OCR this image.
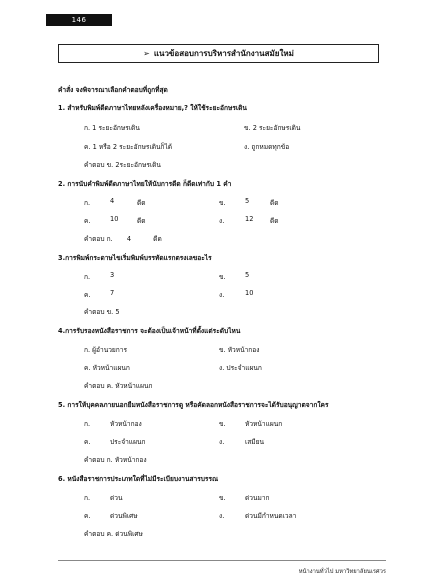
146
➢ แนวข้อสอบการบริหารสำนักงานสมัยใหม่
คำสั่ง จงพิจารณาเลือกคำตอบที่ถูกที่สุด
1. สำหรับพิมพ์ดีดภาษาไทยหลังเครื่องหมาย,? ให้ใช้ระยะอักษรเดิน
ก. 1 ระยะอักษรเดิน	ข. 2 ระยะอักษรเดิน
ค. 1 หรือ 2 ระยะอักษรเดินก็ได้	ง. ถูกหมดทุกข้อ
คำตอบ ข. 2ระยะอักษรเดิน
2. การนับคำพิมพ์ดีดภาษาไทยให้นับการดีด ก็ดีดเท่ากับ 1 คำ
ก.	4	ดีด	ข.	5	ดีด
ค.	10	ดีด	ง.	12	ดีด
คำตอบ ก. 4	ดีด
3.การพิมพ์กระดาษไขเริ่มพิมพ์บรรทัดแรกตรงเลขอะไร
ก.	3	ข.	5
ค.	7	ง.	10
คำตอบ ข. 5
4.การรับรองหนังสือราชการ จะต้องเป็นเจ้าหน้าที่ตั้งแต่ระดับไหน
ก. ผู้อำนวยการ	ข. หัวหน้ากอง
ค. หัวหน้าแผนก	ง. ประจำแผนก
คำตอบ ค. หัวหน้าแผนก
5. การให้บุคคลภายนอกยืมหนังสือราชการดู หรือคัดลอกหนังสือราชการจะได้รับอนุญาตจากใคร
ก.	หัวหน้ากอง	ข.	หัวหน้าแผนก
ค.	ประจำแผนก	ง.	เสมียน
คำตอบ ก. หัวหน้ากอง
6. หนังสือราชการประเภทใดที่ไม่มีระเบียบงานสารบรรณ
ก.	ด่วน	ข.	ด่วนมาก
ค.	ด่วนพิเศษ	ง.	ด่วนมีกำหนดเวลา
คำตอบ ค. ด่วนพิเศษ
หน้างานทั่วไป มหาวิทยาลัยนเรศวร
